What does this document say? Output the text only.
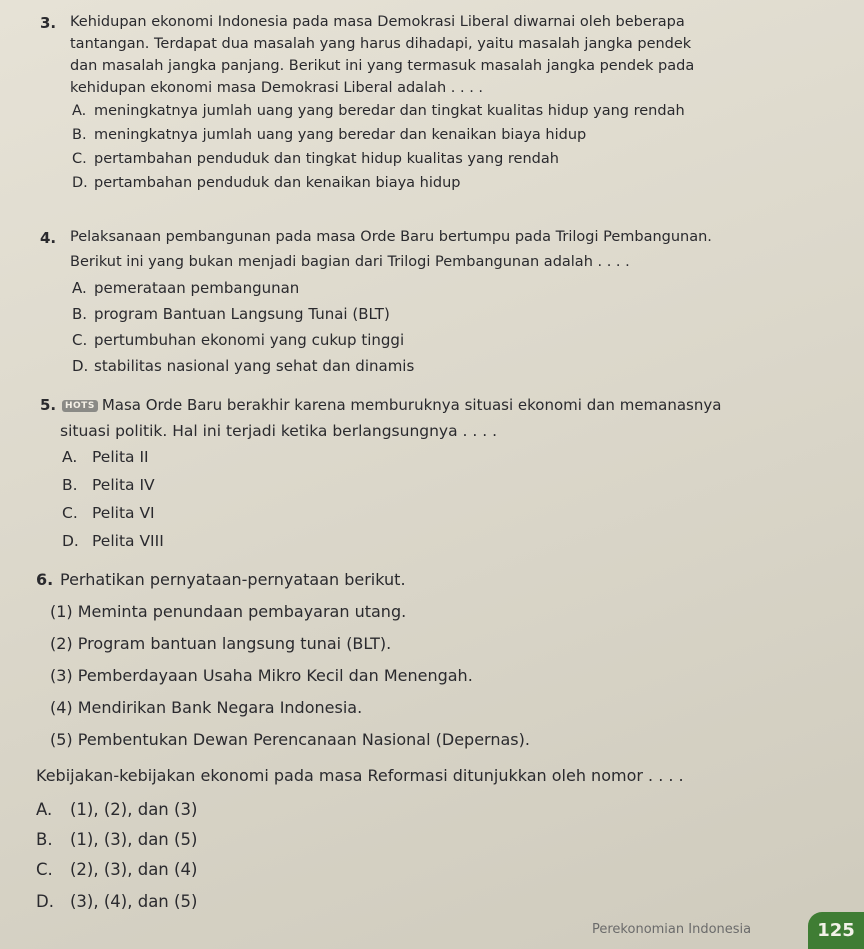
3. Kehidupan ekonomi Indonesia pada masa Demokrasi Liberal diwarnai oleh beberapa
tantangan. Terdapat dua masalah yang harus dihadapi, yaitu masalah jangka pendek
dan masalah jangka panjang. Berikut ini yang termasuk masalah jangka pendek pada
kehidupan ekonomi masa Demokrasi Liberal adalah . . . .
A. meningkatnya jumlah uang yang beredar dan tingkat kualitas hidup yang rendah
B. meningkatnya jumlah uang yang beredar dan kenaikan biaya hidup
C. pertambahan penduduk dan tingkat hidup kualitas yang rendah
D. pertambahan penduduk dan kenaikan biaya hidup
4. Pelaksanaan pembangunan pada masa Orde Baru bertumpu pada Trilogi Pembangunan.
Berikut ini yang bukan menjadi bagian dari Trilogi Pembangunan adalah . . . .
A. pemerataan pembangunan
B. program Bantuan Langsung Tunai (BLT)
C. pertumbuhan ekonomi yang cukup tinggi
D. stabilitas nasional yang sehat dan dinamis
5. HOTS Masa Orde Baru berakhir karena memburuknya situasi ekonomi dan memanasnya
situasi politik. Hal ini terjadi ketika berlangsungnya . . . .
A. Pelita II
B. Pelita IV
C. Pelita VI
D. Pelita VIII
6. Perhatikan pernyataan-pernyataan berikut.
(1) Meminta penundaan pembayaran utang.
(2) Program bantuan langsung tunai (BLT).
(3) Pemberdayaan Usaha Mikro Kecil dan Menengah.
(4) Mendirikan Bank Negara Indonesia.
(5) Pembentukan Dewan Perencanaan Nasional (Depernas).
Kebijakan-kebijakan ekonomi pada masa Reformasi ditunjukkan oleh nomor . . . .
A. (1), (2), dan (3)
B. (1), (3), dan (5)
C. (2), (3), dan (4)
D. (3), (4), dan (5)
Perekonomian Indonesia	125
